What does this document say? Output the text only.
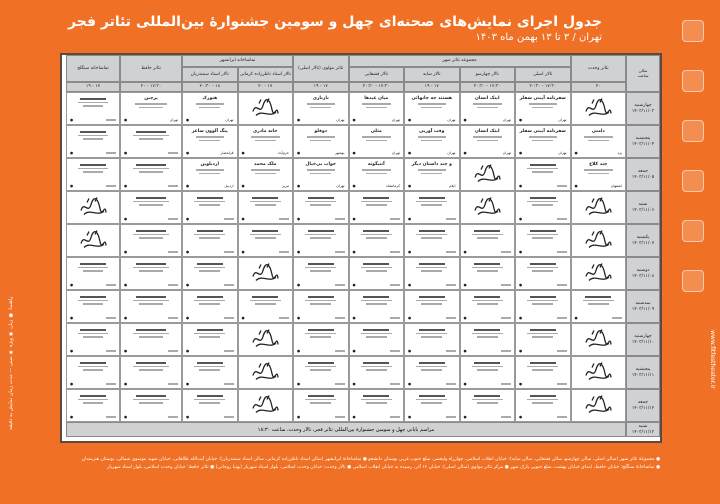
جدول اجرای نمایش‌های صحنه‌ای چهل و سومین جشنوارهٔ بین‌المللی تئاتر فجر
تهران / ۳ تا ۱۳ بهمن ماه ۱۴۰۳
سالن
ساعت
تئاتر وحدت
مجموعه تئاتر شهر
تئاتر مولوی (تالار اصلی)
تماشاخانه ایرانشهر
تئاتر حافظ
تماشاخانه سنگلج
تالار اصلی
تالار چهارسو
تالار سایه
تالار قشقایی
تالار استاد ناظرزاده کرمانی
تالار استاد سمندریان
۲۰
۱۷:۳۰ - ۲۰:۳۰
۱۷:۳۰ - ۲۰:۳۰
۱۷ - ۱۹
۱۷:۳۰ - ۲۰:۳۰
۱۷ - ۱۹
۱۷ - ۲۰
۱۸ - ۲۰:۳۰
۱۷:۳۰ - ۲۰
۱۷ - ۱۹
چهارشنبه
۱۴۰۳/۱۱/۰۳
سفرنامه آیینی سفلر
تهران
●
اینک انسان
تهران
●
هستند چه جانهائی
تهران
●
میان عیدها
تهران
●
نازنازی
تهران
●
هنوزک
تهران
●
پرچین
تهران
●
●
پنجشنبه
۱۴۰۳/۱۱/۰۴
دامنی
یزد
●
سفرنامه آیینی سفلر
تهران
●
اینک انسان
تهران
●
وقت آوریی
تهران
●
مثلی
تهران
●
دوقلو
بوشهر
●
خانه مادری
خرم‌آباد
●
پنگ آلوون ساعر
قزلحصار
●
●
●
جمعه
۱۴۰۳/۱۱/۰۵
چند کلاغ
اصفهان
●
●
و چند داستان دیگر
ایلام
●
آنتیگونه
کرمانشاه
●
خواب بی‌خیال
تهران
●
ملک محمد
تبریز
●
اردبلوین
اردبیل
●
●
●
شنبه
۱۴۰۳/۱۱/۰۶
●
●
●
●
●
●
●
یکشنبه
۱۴۰۳/۱۱/۰۷
●
●
●
●
●
●
●
●
دوشنبه
۱۴۰۳/۱۱/۰۸
●
●
●
●
●
●
●
●
سه‌شنبه
۱۴۰۳/۱۱/۰۹
●
●
●
●
●
●
●
●
●
●
چهارشنبه
۱۴۰۳/۱۱/۱۰
●
●
●
●
●
●
●
●
پنجشنبه
۱۴۰۳/۱۱/۱۱
●
●
●
●
●
●
●
●
جمعه
۱۴۰۳/۱۱/۱۲
●
●
●
●
●
●
●
●
شنبه
۱۴۰۳/۱۱/۱۳
مراسم پایانی چهل و سومین جشنوارهٔ بین‌المللی تئاتر فجر، تالار وحدت، ساعت ۱۸:۳۰
● مجموعهٔ تئاتر شهر (سالن اصلی، سالن چهارسو، سالن قشقایی، سالن سایه): خیابان انقلاب اسلامی، چهارراه ولیعصر، ضلع جنوب غربی بوستان دانشجو ● تماشاخانهٔ ایرانشهر (سالن استاد ناظرزاده کرمانی، سالن استاد سمندریان): خیابان آیت‌الله طالقانی، خیابان شهید موسوی شمالی، بوستان هنرمندان
● تماشاخانهٔ سنگلج: خیابان حافظ، ابتدای خیابان بهشت، ضلع جنوبی پارک شهر ● مرکز تئاتر مولوی (سالن اصلی): خیابان ۱۶ آذر، رسیده به خیابان انقلاب اسلامی ● تالار وحدت: خیابان وحدت اسلامی، بلوار استاد شهریار (بهنیا روحانی) ● تئاتر حافظ: خیابان وحدت اسلامی، بلوار استاد شهریار
www.fitfestheater.ir
راهنما: ● زبان ◉ ویژه ✱ سنی — مدت زمان نمایش به دقیقه
